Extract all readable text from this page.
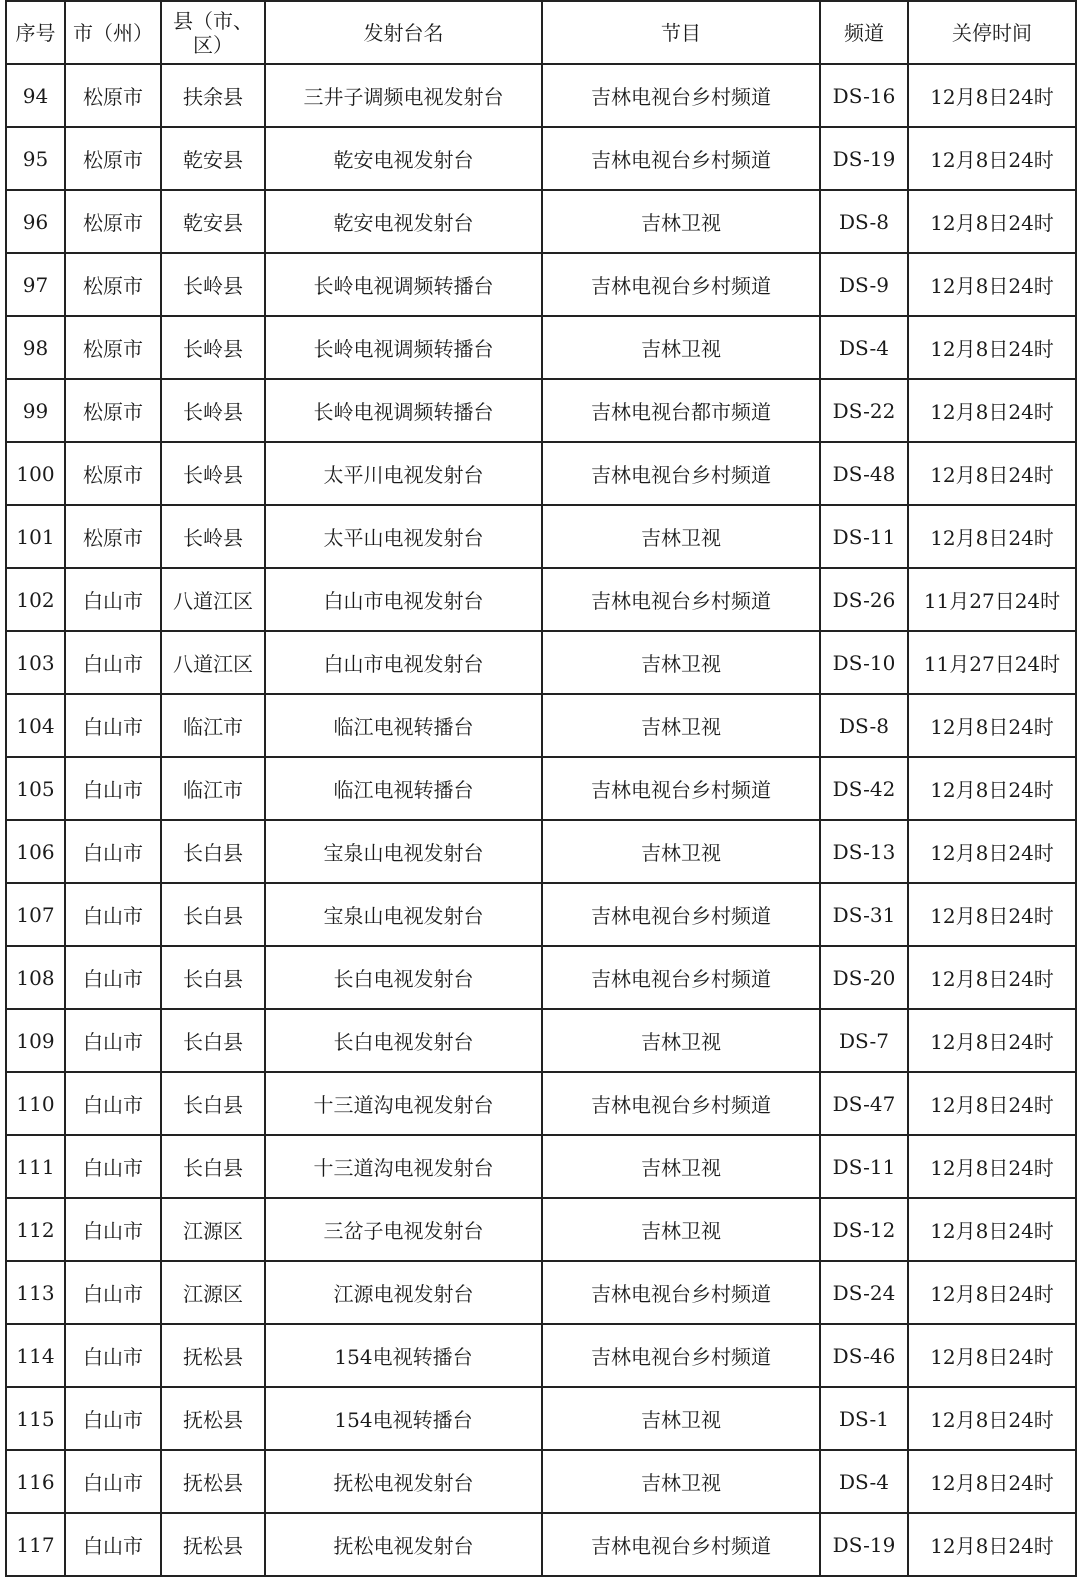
序号	市（州）	县（市、区）	发射台名	节目	频道	关停时间
94	松原市	扶余县	三井子调频电视发射台	吉林电视台乡村频道	DS-16	12月8日24时
95	松原市	乾安县	乾安电视发射台	吉林电视台乡村频道	DS-19	12月8日24时
96	松原市	乾安县	乾安电视发射台	吉林卫视	DS-8	12月8日24时
97	松原市	长岭县	长岭电视调频转播台	吉林电视台乡村频道	DS-9	12月8日24时
98	松原市	长岭县	长岭电视调频转播台	吉林卫视	DS-4	12月8日24时
99	松原市	长岭县	长岭电视调频转播台	吉林电视台都市频道	DS-22	12月8日24时
100	松原市	长岭县	太平川电视发射台	吉林电视台乡村频道	DS-48	12月8日24时
101	松原市	长岭县	太平山电视发射台	吉林卫视	DS-11	12月8日24时
102	白山市	八道江区	白山市电视发射台	吉林电视台乡村频道	DS-26	11月27日24时
103	白山市	八道江区	白山市电视发射台	吉林卫视	DS-10	11月27日24时
104	白山市	临江市	临江电视转播台	吉林卫视	DS-8	12月8日24时
105	白山市	临江市	临江电视转播台	吉林电视台乡村频道	DS-42	12月8日24时
106	白山市	长白县	宝泉山电视发射台	吉林卫视	DS-13	12月8日24时
107	白山市	长白县	宝泉山电视发射台	吉林电视台乡村频道	DS-31	12月8日24时
108	白山市	长白县	长白电视发射台	吉林电视台乡村频道	DS-20	12月8日24时
109	白山市	长白县	长白电视发射台	吉林卫视	DS-7	12月8日24时
110	白山市	长白县	十三道沟电视发射台	吉林电视台乡村频道	DS-47	12月8日24时
111	白山市	长白县	十三道沟电视发射台	吉林卫视	DS-11	12月8日24时
112	白山市	江源区	三岔子电视发射台	吉林卫视	DS-12	12月8日24时
113	白山市	江源区	江源电视发射台	吉林电视台乡村频道	DS-24	12月8日24时
114	白山市	抚松县	154电视转播台	吉林电视台乡村频道	DS-46	12月8日24时
115	白山市	抚松县	154电视转播台	吉林卫视	DS-1	12月8日24时
116	白山市	抚松县	抚松电视发射台	吉林卫视	DS-4	12月8日24时
117	白山市	抚松县	抚松电视发射台	吉林电视台乡村频道	DS-19	12月8日24时
